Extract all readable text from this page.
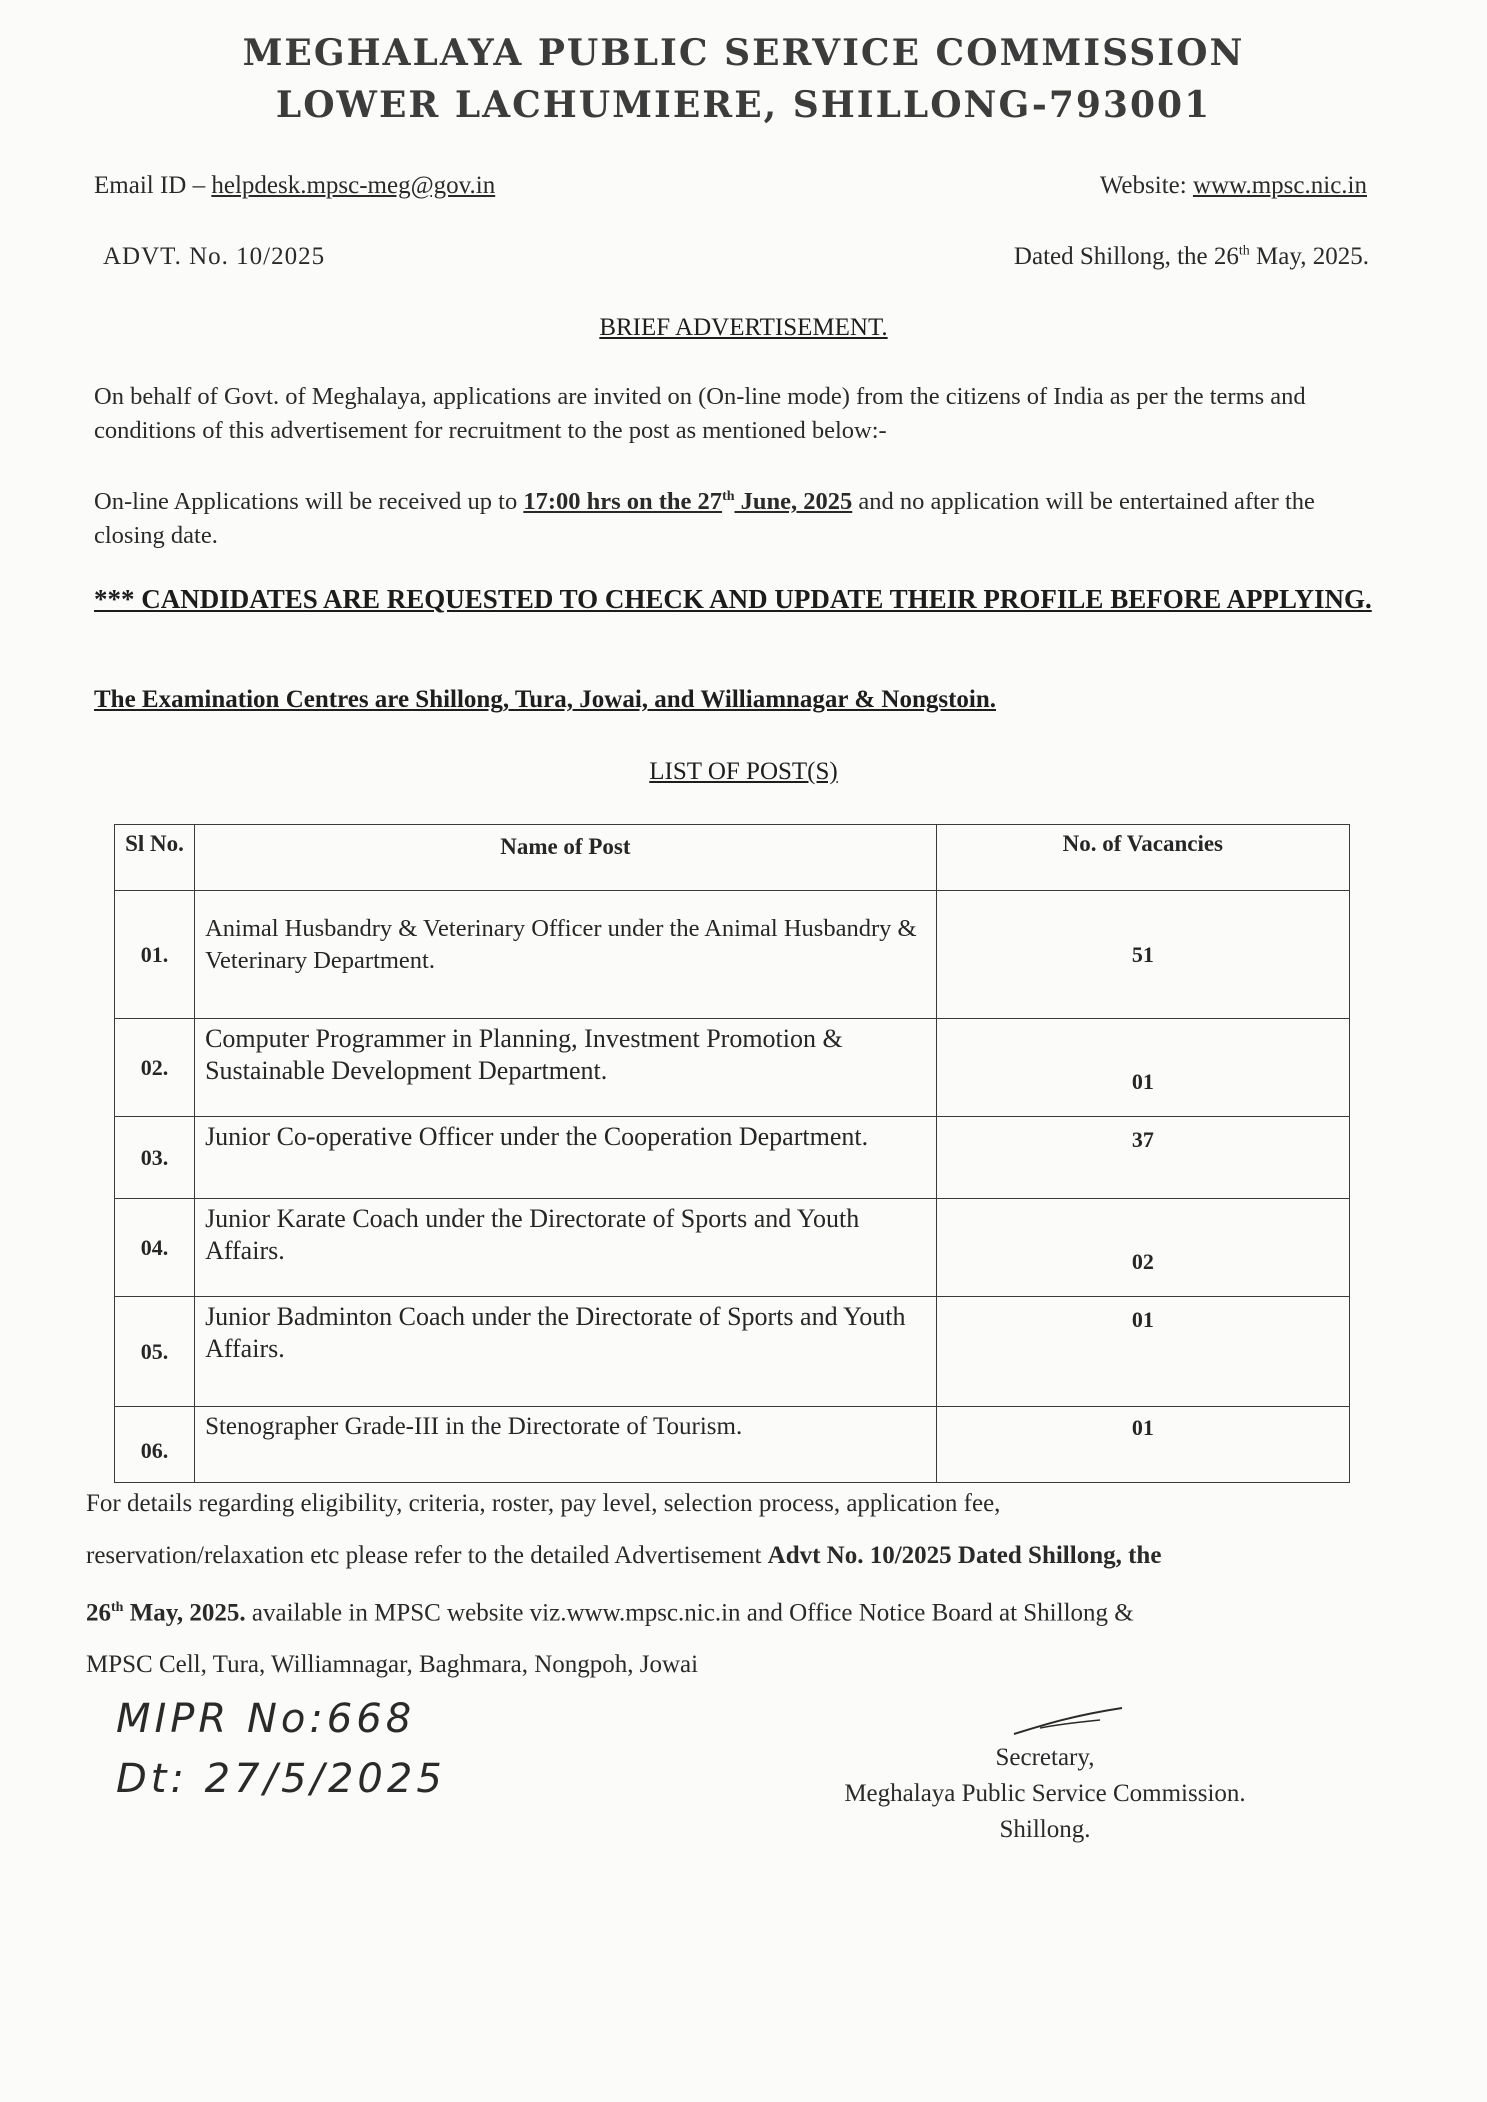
MEGHALAYA PUBLIC SERVICE COMMISSION
LOWER LACHUMIERE, SHILLONG-793001
Email ID – helpdesk.mpsc-meg@gov.in	Website: www.mpsc.nic.in
ADVT. No. 10/2025	Dated Shillong, the 26th May, 2025.
BRIEF ADVERTISEMENT.
On behalf of Govt. of Meghalaya, applications are invited on (On-line mode) from the citizens of India as per the terms and conditions of this advertisement for recruitment to the post as mentioned below:-
On-line Applications will be received up to 17:00 hrs on the 27th June, 2025 and no application will be entertained after the closing date.
*** CANDIDATES ARE REQUESTED TO CHECK AND UPDATE THEIR PROFILE BEFORE APPLYING.
The Examination Centres are Shillong, Tura, Jowai, and Williamnagar & Nongstoin.
LIST OF POST(S)
Sl No.	Name of Post	No. of Vacancies
01.	Animal Husbandry & Veterinary Officer under the Animal Husbandry & Veterinary Department.	51
02.	Computer Programmer in Planning, Investment Promotion & Sustainable Development Department.	01
03.	Junior Co-operative Officer under the Cooperation Department.	37
04.	Junior Karate Coach under the Directorate of Sports and Youth Affairs.	02
05.	Junior Badminton Coach under the Directorate of Sports and Youth Affairs.	01
06.	Stenographer Grade-III in the Directorate of Tourism.	01
For details regarding eligibility, criteria, roster, pay level, selection process, application fee,
reservation/relaxation etc please refer to the detailed Advertisement Advt No. 10/2025 Dated Shillong, the
26th May, 2025. available in MPSC website viz.www.mpsc.nic.in and Office Notice Board at Shillong &
MPSC Cell, Tura, Williamnagar, Baghmara, Nongpoh, Jowai
MIPR No:668
Dt: 27/5/2025	Secretary,
Meghalaya Public Service Commission.
Shillong.
